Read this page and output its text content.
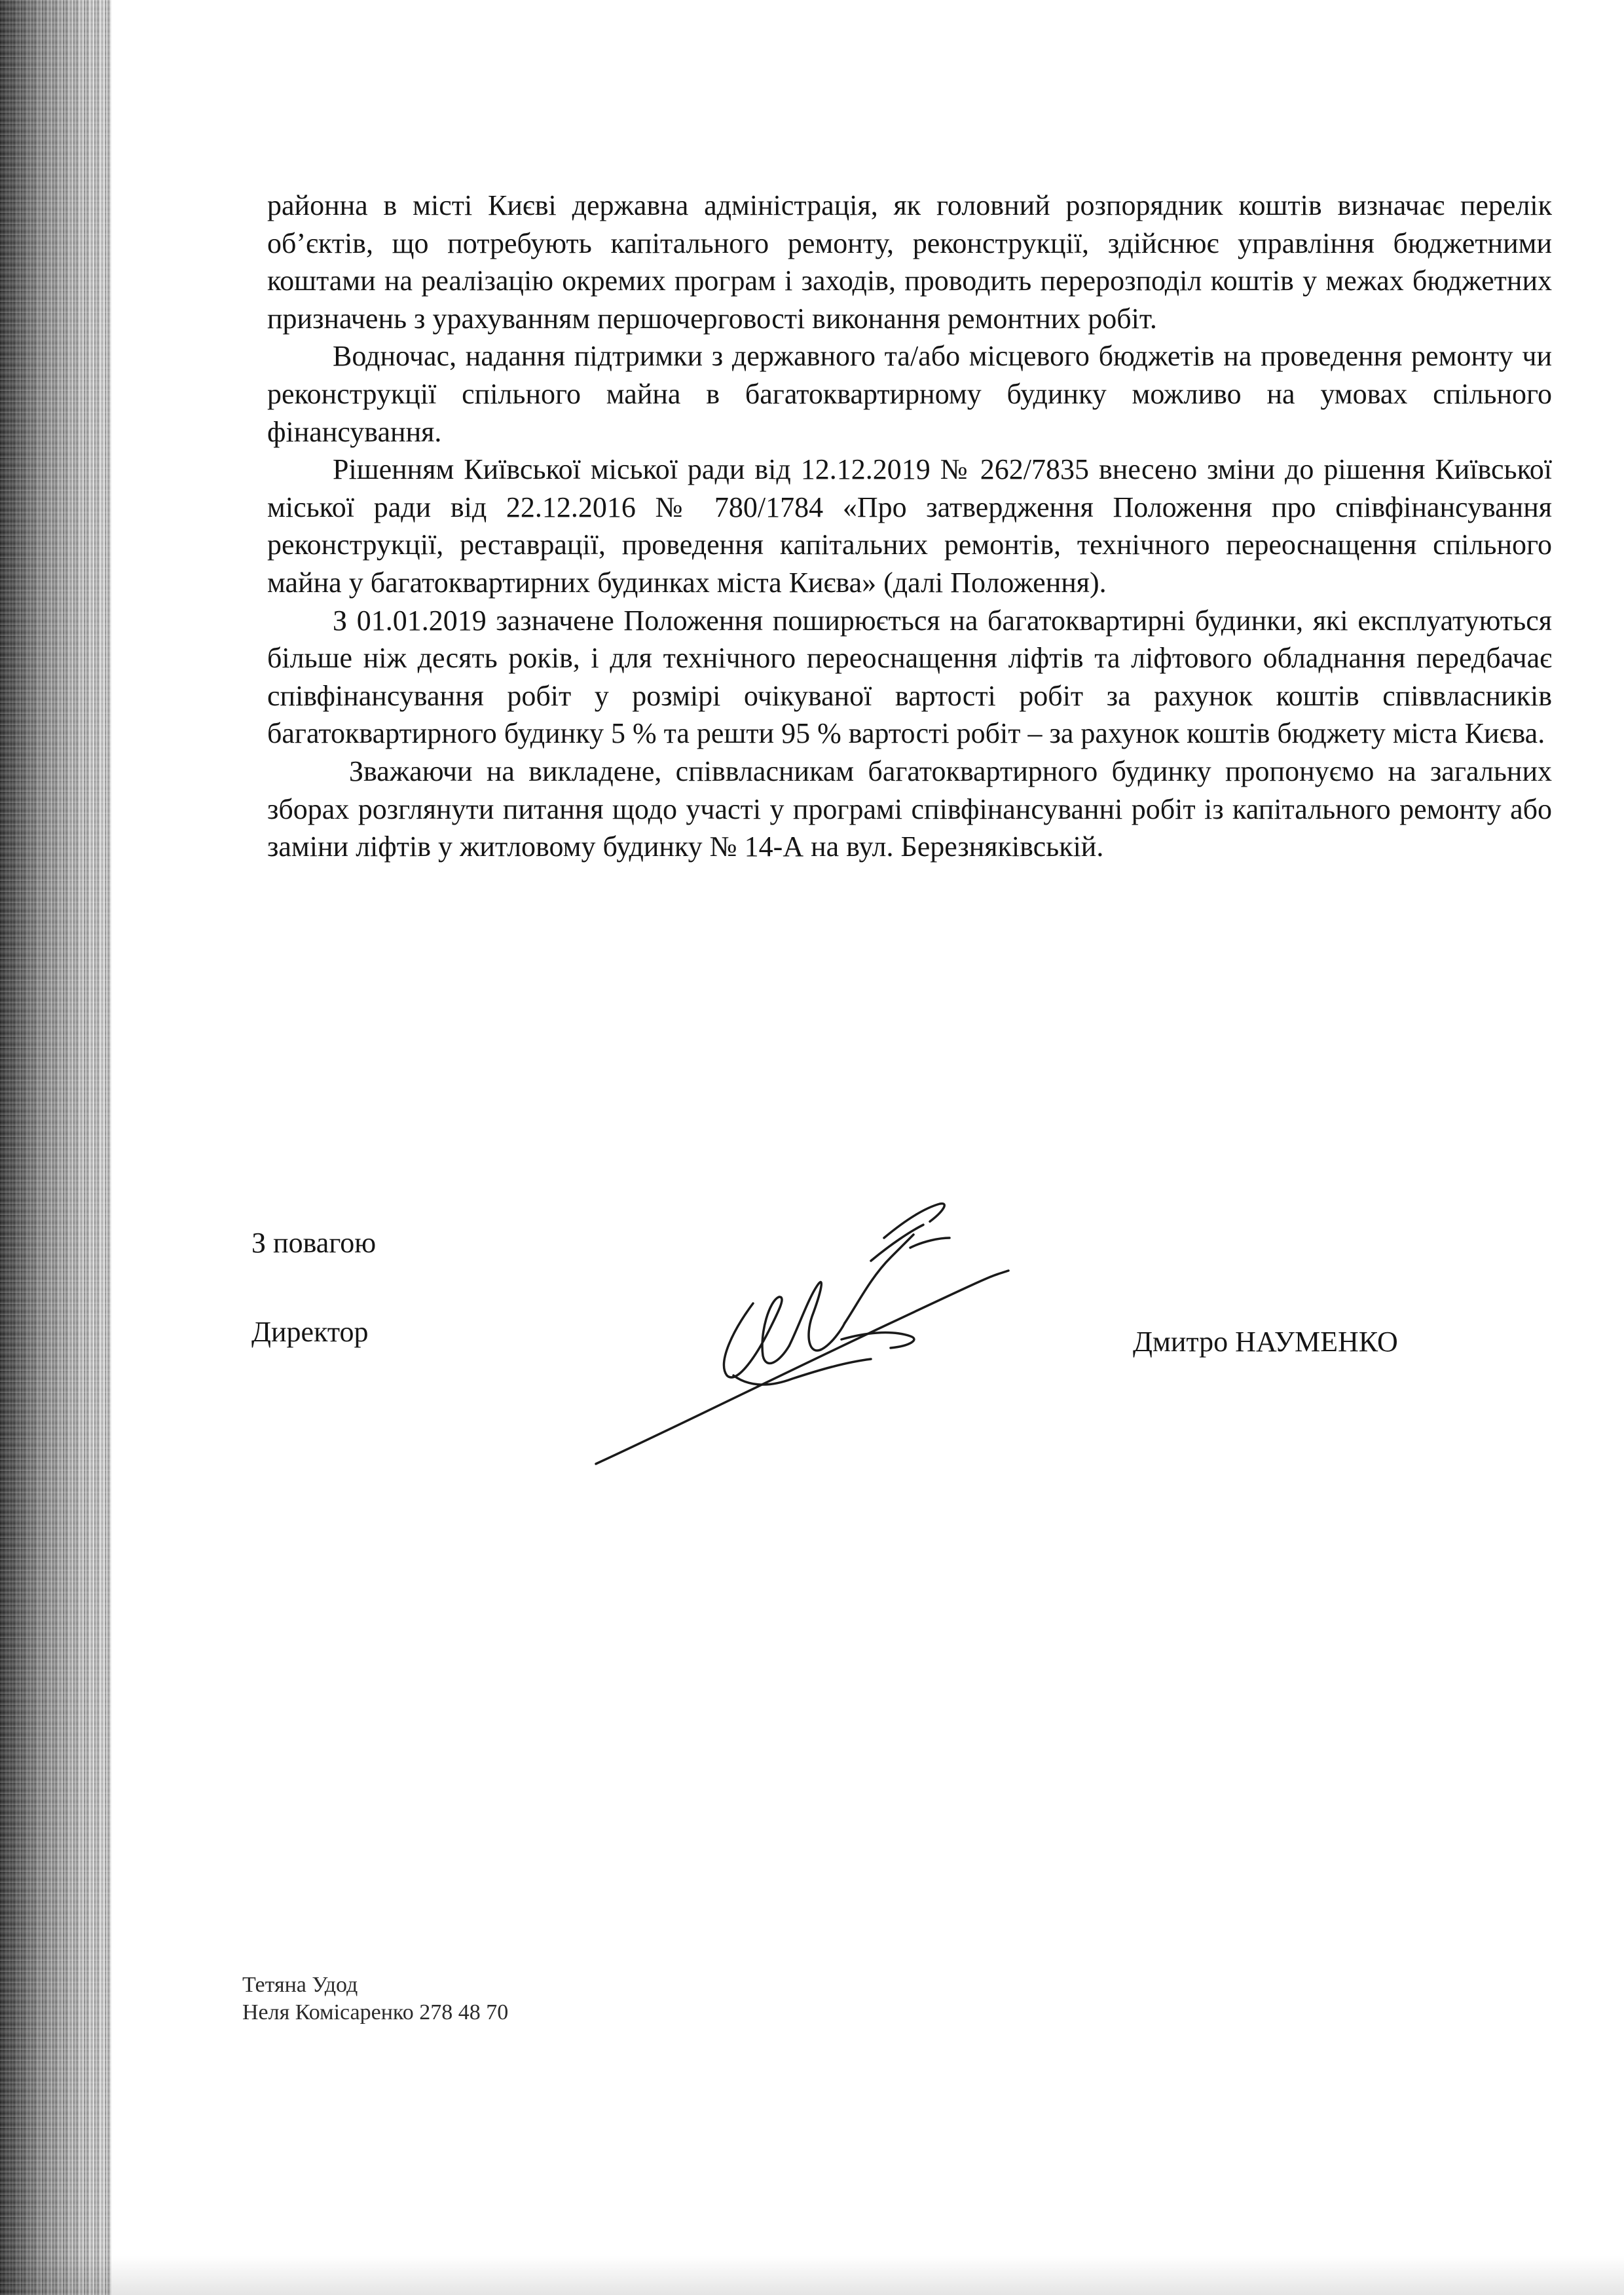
районна в місті Києві державна адміністрація, як головний розпорядник коштів визначає перелік об’єктів, що потребують капітального ремонту, реконструкції, здійснює управління бюджетними коштами на реалізацію окремих програм і заходів, проводить перерозподіл коштів у межах бюджетних призначень з урахуванням першочерговості виконання ремонтних робіт.

Водночас, надання підтримки з державного та/або місцевого бюджетів на проведення ремонту чи реконструкції спільного майна в багатоквартирному будинку можливо на умовах спільного фінансування.

Рішенням Київської міської ради від 12.12.2019 № 262/7835 внесено зміни до рішення Київської міської ради від 22.12.2016 № 780/1784 «Про затвердження Положення про співфінансування реконструкції, реставрації, проведення капітальних ремонтів, технічного переоснащення спільного майна у багатоквартирних будинках міста Києва» (далі Положення).

З 01.01.2019 зазначене Положення поширюється на багатоквартирні будинки, які експлуатуються більше ніж десять років, і для технічного переоснащення ліфтів та ліфтового обладнання передбачає співфінансування робіт у розмірі очікуваної вартості робіт за рахунок коштів співвласників багатоквартирного будинку 5 % та решти 95 % вартості робіт – за рахунок коштів бюджету міста Києва.

Зважаючи на викладене, співвласникам багатоквартирного будинку пропонуємо на загальних зборах розглянути питання щодо участі у програмі співфінансуванні робіт із капітального ремонту або заміни ліфтів у житловому будинку № 14-А на вул. Березняківській.

З повагою
Директор	Дмитро НАУМЕНКО
Тетяна Удод
Неля Комісаренко 278 48 70
